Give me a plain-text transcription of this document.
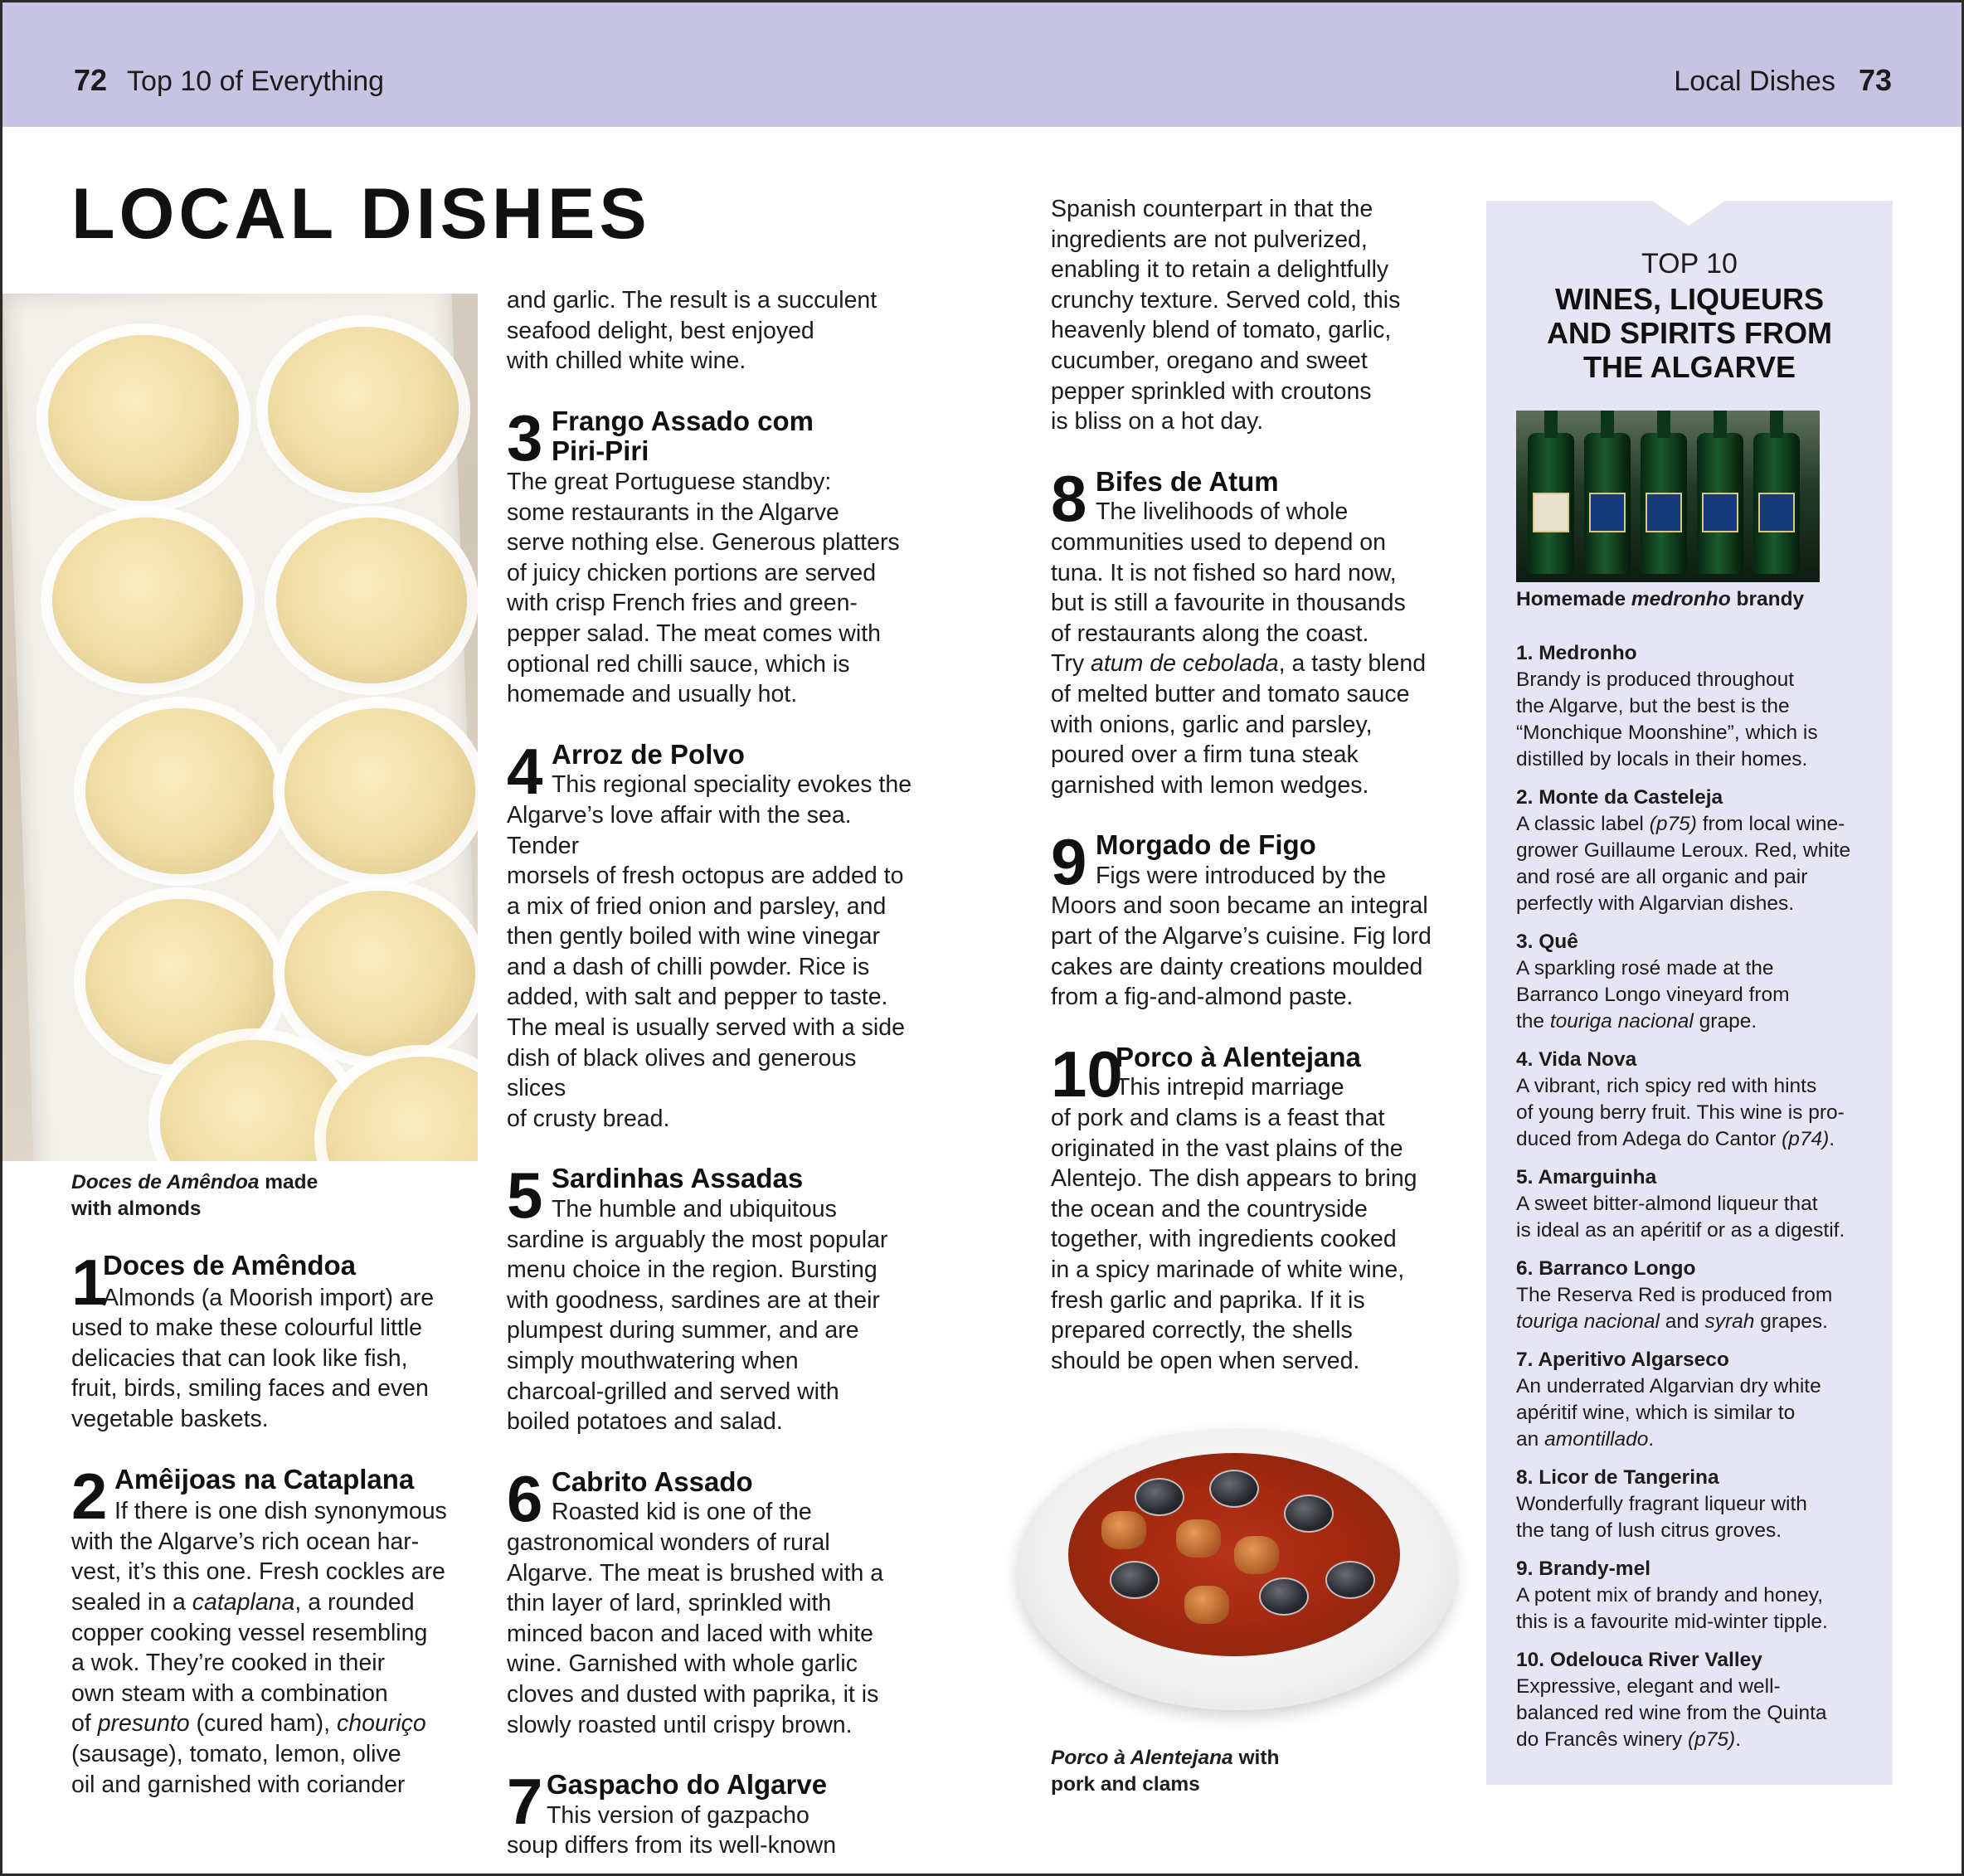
72 Top 10 of Everything	Local Dishes 73
LOCAL DISHES
Doces de Amêndoa made
with almonds
1

Doces de Amêndoa

Almonds (a Moorish import) are

used to make these colourful little

delicacies that can look like fish,

fruit, birds, smiling faces and even

vegetable baskets.

2 Amêijoas na Cataplana

If there is one dish synonymous

with the Algarve’s rich ocean har-

vest, it’s this one. Fresh cockles are

sealed in a cataplana, a rounded

copper cooking vessel resembling

a wok. They’re cooked in their

own steam with a combination

of presunto (cured ham), chouriço

(sausage), tomato, lemon, olive

oil and garnished with coriander

and garlic. The result is a succulent

seafood delight, best enjoyed

with chilled white wine.

3 Frango Assado com

Piri-Piri

The great Portuguese standby:

some restaurants in the Algarve

serve nothing else. Generous platters

of juicy chicken portions are served

with crisp French fries and green-

pepper salad. The meat comes with

optional red chilli sauce, which is

homemade and usually hot.

4 Arroz de Polvo

This regional speciality evokes the

Algarve’s love affair with the sea. Tender

morsels of fresh octopus are added to

a mix of fried onion and parsley, and

then gently boiled with wine vinegar

and a dash of chilli powder. Rice is

added, with salt and pepper to taste.

The meal is usually served with a side

dish of black olives and generous slices

of crusty bread.

5 Sardinhas Assadas

The humble and ubiquitous

sardine is arguably the most popular

menu choice in the region. Bursting

with goodness, sardines are at their

plumpest during summer, and are

simply mouthwatering when

charcoal-grilled and served with

boiled potatoes and salad.

6 Cabrito Assado

Roasted kid is one of the

gastronomical wonders of rural

Algarve. The meat is brushed with a

thin layer of lard, sprinkled with

minced bacon and laced with white

wine. Garnished with whole garlic

cloves and dusted with paprika, it is

slowly roasted until crispy brown.

7 Gaspacho do Algarve

This version of gazpacho

soup differs from its well-known

Spanish counterpart in that the

ingredients are not pulverized,

enabling it to retain a delightfully

crunchy texture. Served cold, this

heavenly blend of tomato, garlic,

cucumber, oregano and sweet

pepper sprinkled with croutons

is bliss on a hot day.

8 Bifes de Atum

The livelihoods of whole

communities used to depend on

tuna. It is not fished so hard now,

but is still a favourite in thousands

of restaurants along the coast.

Try atum de cebolada, a tasty blend

of melted butter and tomato sauce

with onions, garlic and parsley,

poured over a firm tuna steak

garnished with lemon wedges.

9 Morgado de Figo

Figs were introduced by the

Moors and soon became an integral

part of the Algarve’s cuisine. Fig lord

cakes are dainty creations moulded

from a fig-and-almond paste.

10

Porco à Alentejana

This intrepid marriage

of pork and clams is a feast that

originated in the vast plains of the

Alentejo. The dish appears to bring

the ocean and the countryside

together, with ingredients cooked

in a spicy marinade of white wine,

fresh garlic and paprika. If it is

prepared correctly, the shells

should be open when served.

Porco à Alentejana with
pork and clams
TOP 10
WINES, LIQUEURS
AND SPIRITS FROM
THE ALGARVE
Homemade medronho brandy
1. Medronho
Brandy is produced throughout
the Algarve, but the best is the
“Monchique Moonshine”, which is
distilled by locals in their homes.
2. Monte da Casteleja
A classic label (p75) from local wine-
grower Guillaume Leroux. Red, white
and rosé are all organic and pair
perfectly with Algarvian dishes.
3. Quê
A sparkling rosé made at the
Barranco Longo vineyard from
the touriga nacional grape.
4. Vida Nova
A vibrant, rich spicy red with hints
of young berry fruit. This wine is pro-
duced from Adega do Cantor (p74).
5. Amarguinha
A sweet bitter-almond liqueur that
is ideal as an apéritif or as a digestif.
6. Barranco Longo
The Reserva Red is produced from
touriga nacional and syrah grapes.
7. Aperitivo Algarseco
An underrated Algarvian dry white
apéritif wine, which is similar to
an amontillado.
8. Licor de Tangerina
Wonderfully fragrant liqueur with
the tang of lush citrus groves.
9. Brandy-mel
A potent mix of brandy and honey,
this is a favourite mid-winter tipple.
10. Odelouca River Valley
Expressive, elegant and well-
balanced red wine from the Quinta
do Francês winery (p75).
